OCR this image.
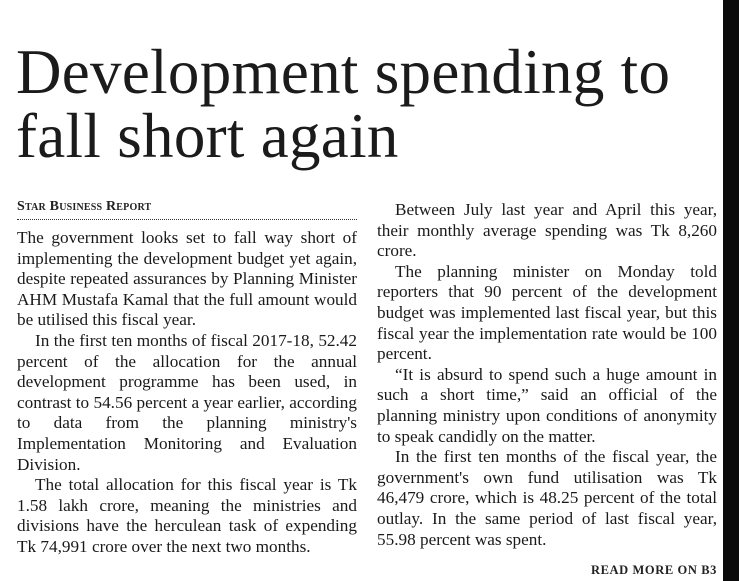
Development spending to fall short again
Star Business Report

The government looks set to fall way short of implementing the development budget yet again, despite repeated assurances by Planning Minister AHM Mustafa Kamal that the full amount would be utilised this fiscal year.

In the first ten months of fiscal 2017-18, 52.42 percent of the allocation for the annual development programme has been used, in contrast to 54.56 percent a year earlier, according to data from the planning ministry's Implementation Monitoring and Evaluation Division.

The total allocation for this fiscal year is Tk 1.58 lakh crore, meaning the ministries and divisions have the herculean task of expending Tk 74,991 crore over the next two months.

Between July last year and April this year, their monthly average spending was Tk 8,260 crore.

The planning minister on Monday told reporters that 90 percent of the development budget was implemented last fiscal year, but this fiscal year the implementation rate would be 100 percent.

“It is absurd to spend such a huge amount in such a short time,” said an official of the planning ministry upon conditions of anonymity to speak candidly on the matter.

In the first ten months of the fiscal year, the government's own fund utilisation was Tk 46,479 crore, which is 48.25 percent of the total outlay. In the same period of last fiscal year, 55.98 percent was spent.

READ MORE ON B3
